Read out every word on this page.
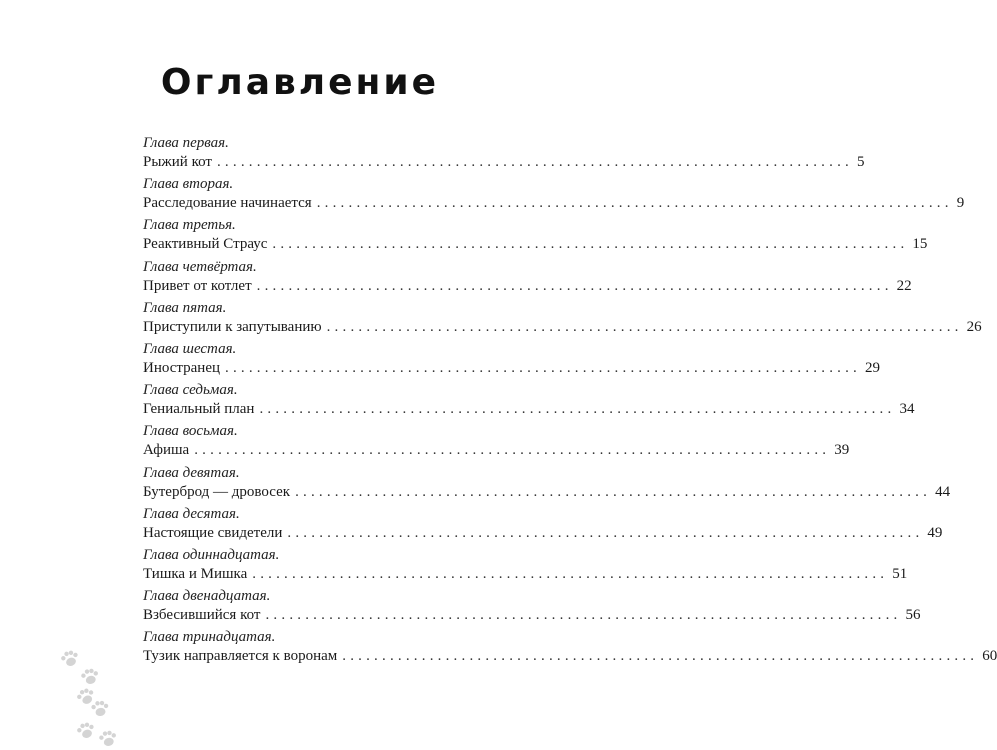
Оглавление
Глава первая.
Рыжий кот ................................................................................ 5
Глава вторая.
Расследование начинается ................................................................................ 9
Глава третья.
Реактивный Страус ................................................................................ 15
Глава четвёртая.
Привет от котлет ................................................................................ 22
Глава пятая.
Приступили к запутыванию ................................................................................ 26
Глава шестая.
Иностранец ................................................................................ 29
Глава седьмая.
Гениальный план ................................................................................ 34
Глава восьмая.
Афиша ................................................................................ 39
Глава девятая.
Бутерброд — дровосек ................................................................................ 44
Глава десятая.
Настоящие свидетели ................................................................................ 49
Глава одиннадцатая.
Тишка и Мишка ................................................................................ 51
Глава двенадцатая.
Взбесившийся кот ................................................................................ 56
Глава тринадцатая.
Тузик направляется к воронам ................................................................................ 60
